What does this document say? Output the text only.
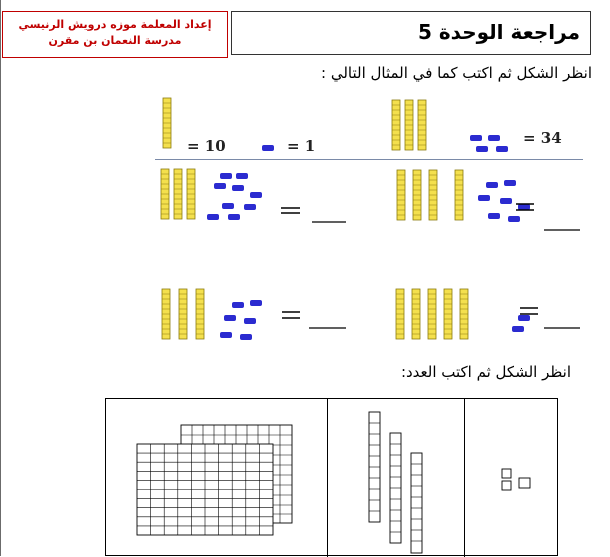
مراجعة الوحدة 5
إعداد المعلمة موزه درويش الرنيسي
مدرسة النعمان بن مقرن
انظر الشكل ثم اكتب كما في المثال التالي :
انظر الشكل ثم اكتب العدد:
= 10	= 1	= 34
